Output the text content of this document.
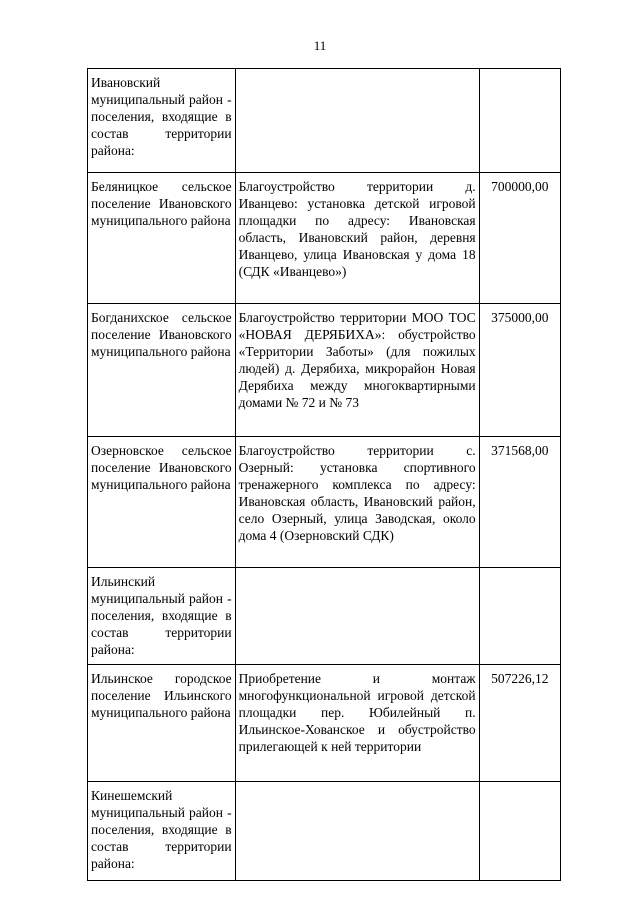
11
Ивановский муниципальный район - поселения, входящие в состав территории района:		

Беляницкое сельское поселение Ивановского муниципального района	Благоустройство территории д. Иванцево: установка детской игровой площадки по адресу: Ивановская область, Ивановский район, деревня Иванцево, улица Ивановская у дома 18 (СДК «Иванцево»)	700000,00

Богданихское сельское поселение Ивановского муниципального района	Благоустройство территории МОО ТОС «НОВАЯ ДЕРЯБИХА»: обустройство «Территории Заботы» (для пожилых людей) д. Дерябиха, микрорайон Новая Дерябиха между многоквартирными домами № 72 и № 73	375000,00

Озерновское сельское поселение Ивановского муниципального района	Благоустройство территории с. Озерный: установка спортивного тренажерного комплекса по адресу: Ивановская область, Ивановский район, село Озерный, улица Заводская, около дома 4 (Озерновский СДК)	371568,00

Ильинский муниципальный район - поселения, входящие в состав территории района:		

Ильинское городское поселение Ильинского муниципального района	Приобретение и монтаж многофункциональной игровой детской площадки пер. Юбилейный п. Ильинское-Хованское и обустройство прилегающей к ней территории	507226,12

Кинешемский муниципальный район - поселения, входящие в состав территории района:		
